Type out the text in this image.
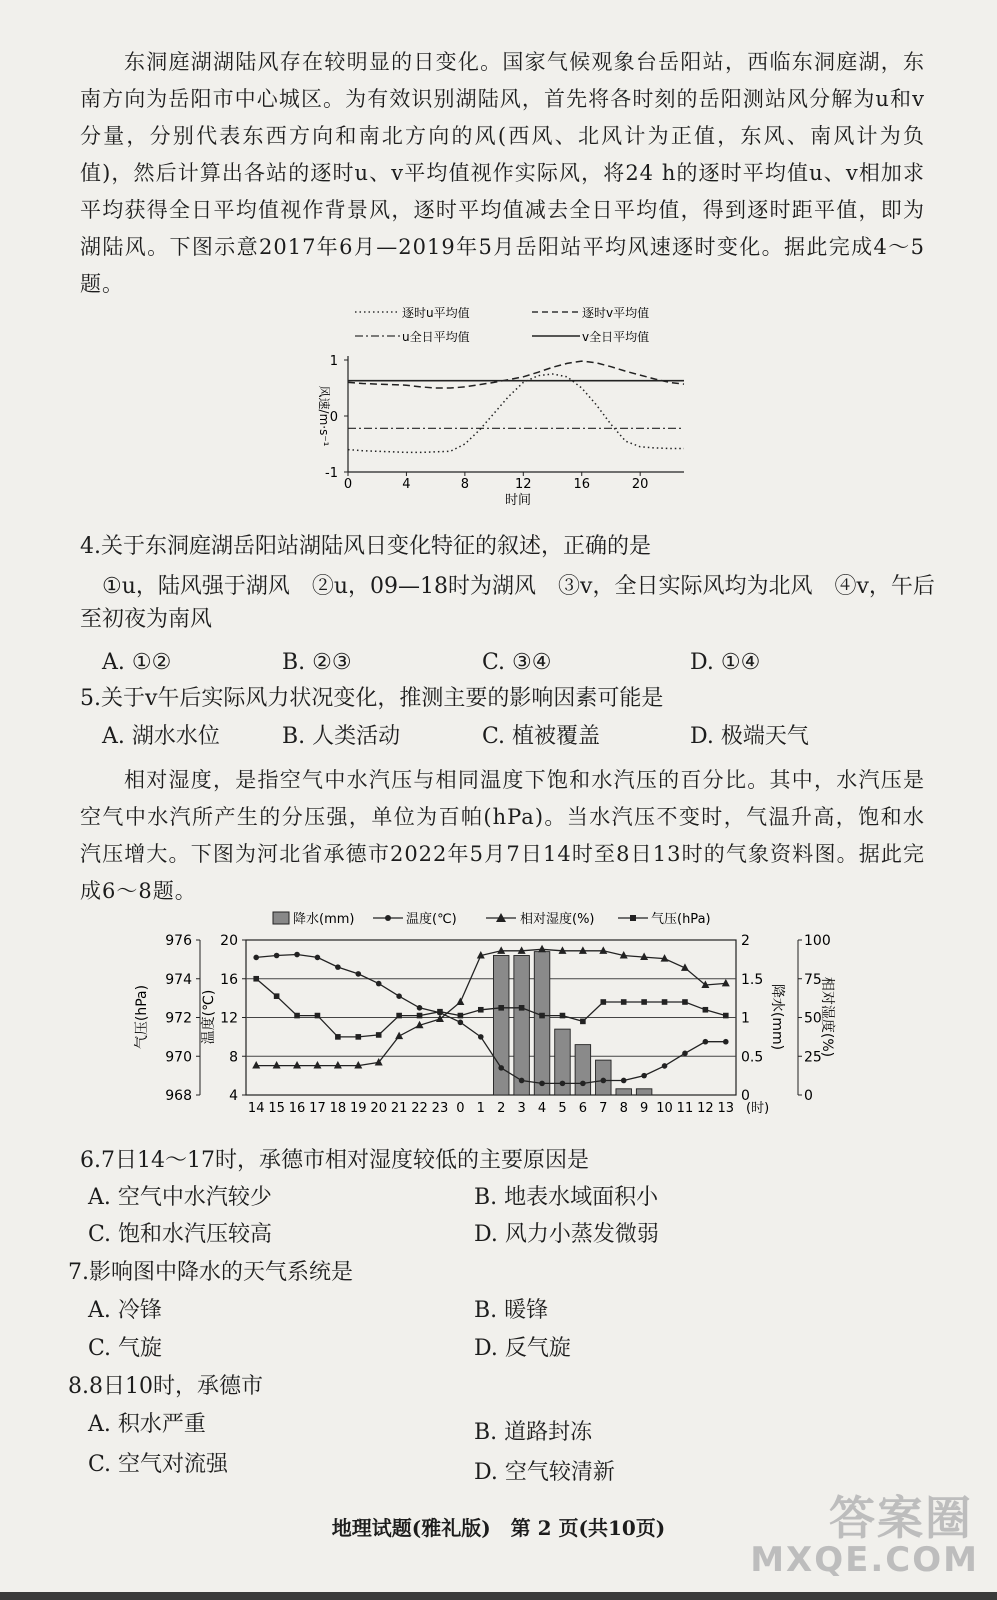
东洞庭湖湖陆风存在较明显的日变化。国家气候观象台岳阳站，西临东洞庭湖，东南方向为岳阳市中心城区。为有效识别湖陆风，首先将各时刻的岳阳测站风分解为u和v分量，分别代表东西方向和南北方向的风(西风、北风计为正值，东风、南风计为负值)，然后计算出各站的逐时u、v平均值视作实际风，将24 h的逐时平均值u、v相加求平均获得全日平均值视作背景风，逐时平均值减去全日平均值，得到逐时距平值，即为湖陆风。下图示意2017年6月—2019年5月岳阳站平均风速逐时变化。据此完成4～5题。
逐时u平均值	逐时v平均值
u全日平均值	v全日平均值
1
0
-1
风速/m·s⁻¹
0	4	8	12	16	20
时间
4.关于东洞庭湖岳阳站湖陆风日变化特征的叙述，正确的是
①u，陆风强于湖风　②u，09—18时为湖风　③v，全日实际风均为北风　④v，午后
至初夜为南风
A. ①②	B. ②③	C. ③④	D. ①④
5.关于v午后实际风力状况变化，推测主要的影响因素可能是
A. 湖水水位	B. 人类活动	C. 植被覆盖	D. 极端天气
相对湿度，是指空气中水汽压与相同温度下饱和水汽压的百分比。其中，水汽压是空气中水汽所产生的分压强，单位为百帕(hPa)。当水汽压不变时，气温升高，饱和水汽压增大。下图为河北省承德市2022年5月7日14时至8日13时的气象资料图。据此完成6～8题。
降水(mm)	温度(℃)	相对湿度(%)	气压(hPa)
976 20
974 16
972 12
970	8
968	4
气压(hPa)	温度(℃)
2	100
1.5	75
1	50
0.5	25
0	0
降水(mm) 相对湿度(%)
14 15 16 17 18 19 20 21 22 23 0 1 2 3 4 5 6 7 8 9 10 11 12 13 (时)
6.7日14～17时，承德市相对湿度较低的主要原因是
A. 空气中水汽较少	B. 地表水域面积小
C. 饱和水汽压较高	D. 风力小蒸发微弱
7.影响图中降水的天气系统是
A. 冷锋	B. 暖锋
C. 气旋	D. 反气旋
8.8日10时，承德市
A. 积水严重	B. 道路封冻
C. 空气对流强	D. 空气较清新
地理试题(雅礼版)　第 2 页(共10页)	答案圈
MXQE.COM
